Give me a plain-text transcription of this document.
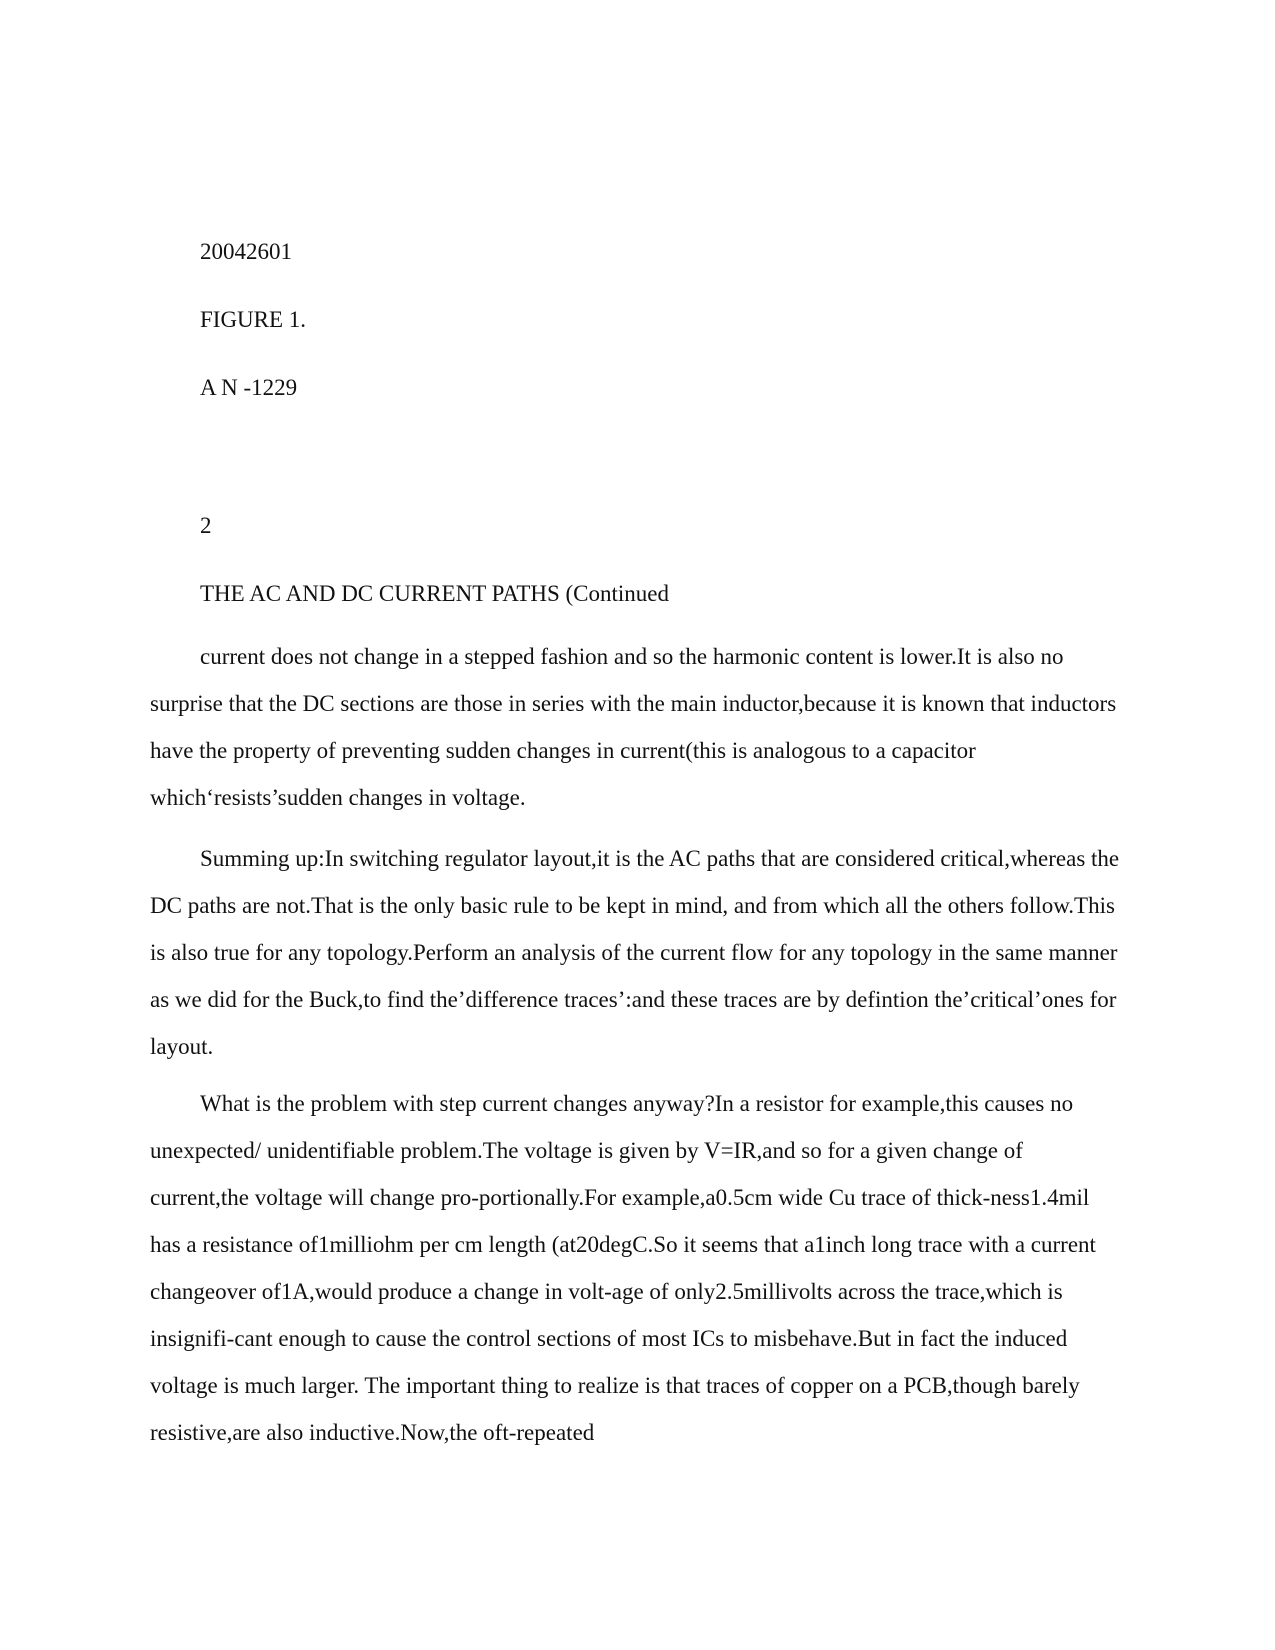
20042601
FIGURE 1.
A N -1229
2
THE AC AND DC CURRENT PATHS (Continued

current does not change in a stepped fashion and so the harmonic content is lower.It is also no surprise that the DC sections are those in series with the main inductor,because it is known that inductors have the property of preventing sudden changes in current(this is analogous to a capacitor which‘resists’sudden changes in voltage.

Summing up:In switching regulator layout,it is the AC paths that are considered critical,whereas the DC paths are not.That is the only basic rule to be kept in mind, and from which all the others follow.This is also true for any topology.Perform an analysis of the current flow for any topology in the same manner as we did for the Buck,to find the’difference traces’:and these traces are by defintion the’critical’ones for layout.

What is the problem with step current changes anyway?In a resistor for example,this causes no unexpected/ unidentifiable problem.The voltage is given by V=IR,and so for a given change of current,the voltage will change pro-portionally.For example,a0.5cm wide Cu trace of thick-ness1.4mil has a resistance of1milliohm per cm length (at20degC.So it seems that a1inch long trace with a current changeover of1A,would produce a change in volt-age of only2.5millivolts across the trace,which is insignifi-cant enough to cause the control sections of most ICs to misbehave.But in fact the induced voltage is much larger. The important thing to realize is that traces of copper on a PCB,though barely resistive,are also inductive.Now,the oft-repeated
